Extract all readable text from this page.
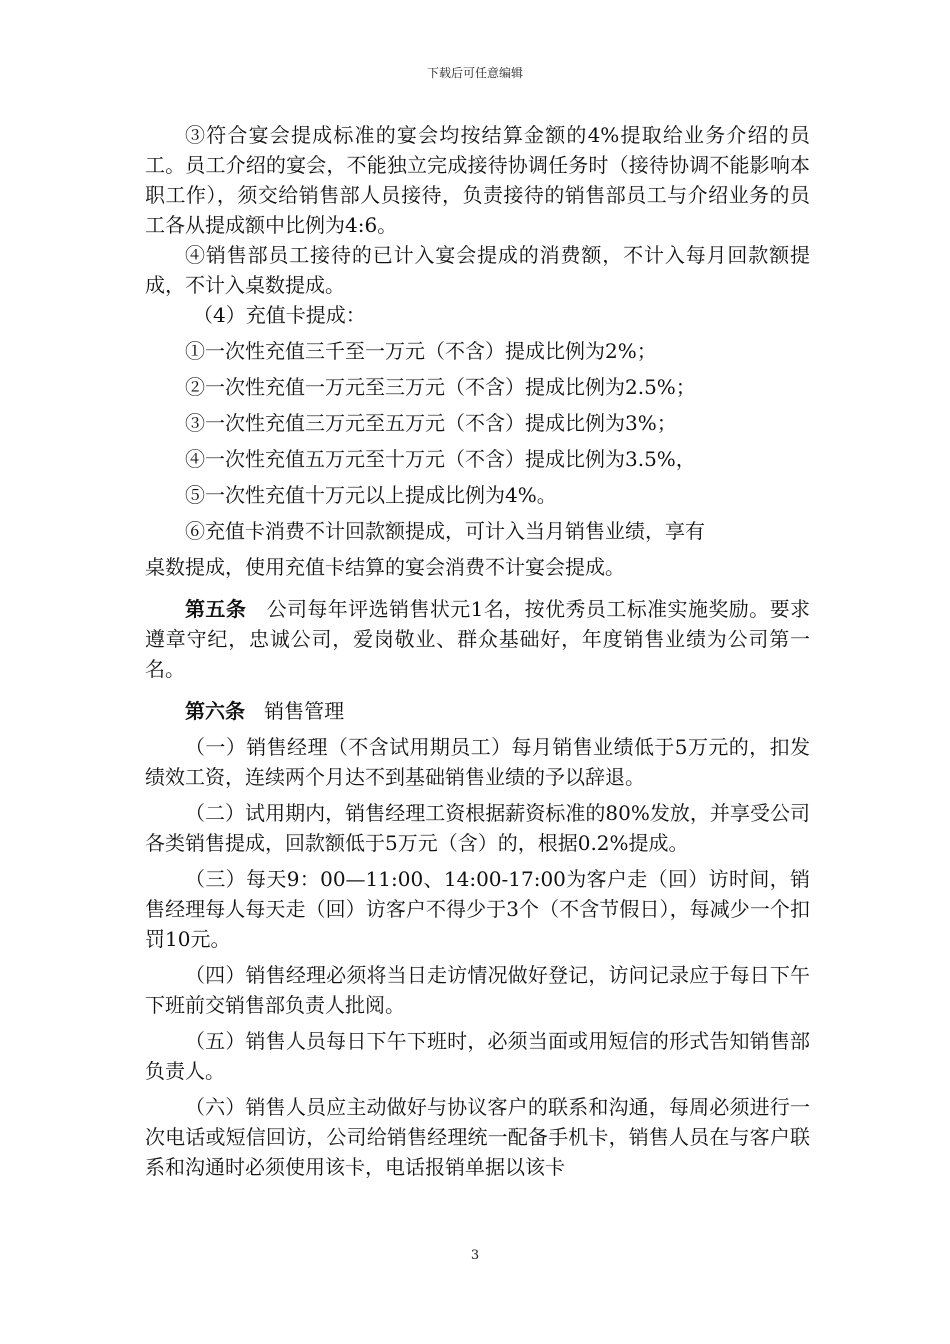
下载后可任意编辑

③符合宴会提成标准的宴会均按结算金额的4%提取给业务介绍的员工。员工介绍的宴会，不能独立完成接待协调任务时（接待协调不能影响本职工作），须交给销售部人员接待，负责接待的销售部员工与介绍业务的员工各从提成额中比例为4:6。

④销售部员工接待的已计入宴会提成的消费额，不计入每月回款额提成，不计入桌数提成。

（4）充值卡提成：

①一次性充值三千至一万元（不含）提成比例为2%；

②一次性充值一万元至三万元（不含）提成比例为2.5%；

③一次性充值三万元至五万元（不含）提成比例为3%；

④一次性充值五万元至十万元（不含）提成比例为3.5%，

⑤一次性充值十万元以上提成比例为4%。

⑥充值卡消费不计回款额提成，可计入当月销售业绩，享有

桌数提成，使用充值卡结算的宴会消费不计宴会提成。

第五条 公司每年评选销售状元1名，按优秀员工标准实施奖励。要求遵章守纪，忠诚公司，爱岗敬业、群众基础好，年度销售业绩为公司第一名。

第六条 销售管理

（一）销售经理（不含试用期员工）每月销售业绩低于5万元的，扣发绩效工资，连续两个月达不到基础销售业绩的予以辞退。

（二）试用期内，销售经理工资根据薪资标准的80%发放，并享受公司各类销售提成，回款额低于5万元（含）的，根据0.2%提成。

（三）每天9：00—11:00、14:00-17:00为客户走（回）访时间，销售经理每人每天走（回）访客户不得少于3个（不含节假日），每减少一个扣罚10元。

（四）销售经理必须将当日走访情况做好登记，访问记录应于每日下午下班前交销售部负责人批阅。

（五）销售人员每日下午下班时，必须当面或用短信的形式告知销售部负责人。

（六）销售人员应主动做好与协议客户的联系和沟通，每周必须进行一次电话或短信回访，公司给销售经理统一配备手机卡，销售人员在与客户联系和沟通时必须使用该卡，电话报销单据以该卡

3
